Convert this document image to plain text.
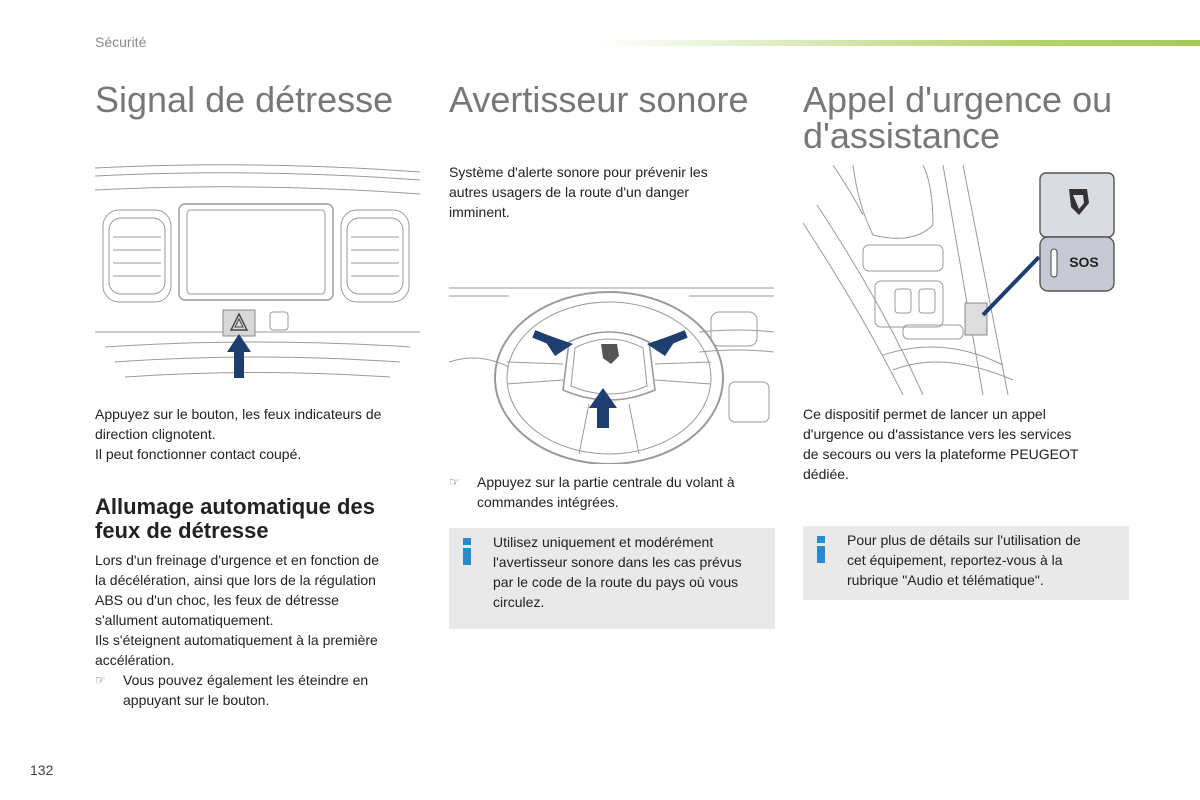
Sécurité
Signal de détresse
Appuyez sur le bouton, les feux indicateurs de
direction clignotent.
Il peut fonctionner contact coupé.
Allumage automatique des
feux de détresse
Lors d'un freinage d'urgence et en fonction de
la décélération, ainsi que lors de la régulation
ABS ou d'un choc, les feux de détresse
s'allument automatiquement.
Ils s'éteignent automatiquement à la première
accélération.
☞ Vous pouvez également les éteindre en
appuyant sur le bouton.
Avertisseur sonore
Système d'alerte sonore pour prévenir les
autres usagers de la route d'un danger
imminent.
☞ Appuyez sur la partie centrale du volant à
commandes intégrées.
Utilisez uniquement et modérément
l'avertisseur sonore dans les cas prévus
par le code de la route du pays où vous
circulez.
Appel d'urgence ou
d'assistance
SOS
Ce dispositif permet de lancer un appel
d'urgence ou d'assistance vers les services
de secours ou vers la plateforme PEUGEOT
dédiée.
Pour plus de détails sur l'utilisation de
cet équipement, reportez-vous à la
rubrique "Audio et télématique".
132
